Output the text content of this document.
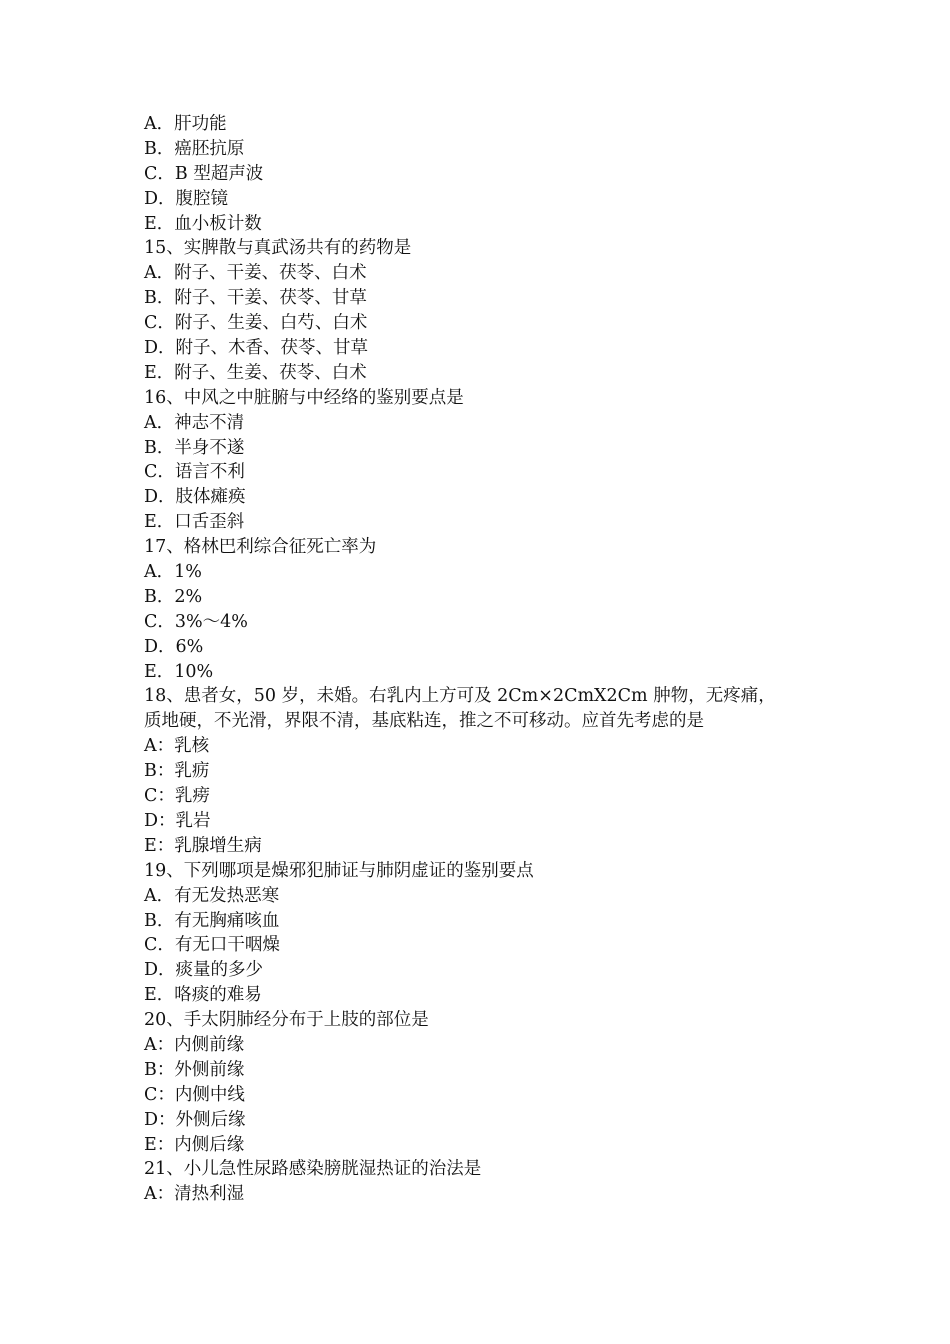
A．肝功能
B．癌胚抗原
C．B 型超声波
D．腹腔镜
E．血小板计数
15、实脾散与真武汤共有的药物是
A．附子、干姜、茯苓、白术
B．附子、干姜、茯苓、甘草
C．附子、生姜、白芍、白术
D．附子、木香、茯苓、甘草
E．附子、生姜、茯苓、白术
16、中风之中脏腑与中经络的鉴别要点是
A．神志不清
B．半身不遂
C．语言不利
D．肢体瘫痪
E．口舌歪斜
17、格林巴利综合征死亡率为
A．1%
B．2%
C．3%～4%
D．6%
E．10%
18、患者女，50 岁，未婚。右乳内上方可及 2Cm×2CmX2Cm 肿物，无疼痛，
质地硬，不光滑，界限不清，基底粘连，推之不可移动。应首先考虑的是
A：乳核
B：乳疬
C：乳痨
D：乳岩
E：乳腺增生病
19、下列哪项是燥邪犯肺证与肺阴虚证的鉴别要点
A．有无发热恶寒
B．有无胸痛咳血
C．有无口干咽燥
D．痰量的多少
E．咯痰的难易
20、手太阴肺经分布于上肢的部位是
A：内侧前缘
B：外侧前缘
C：内侧中线
D：外侧后缘
E：内侧后缘
21、小儿急性尿路感染膀胱湿热证的治法是
A：清热利湿
